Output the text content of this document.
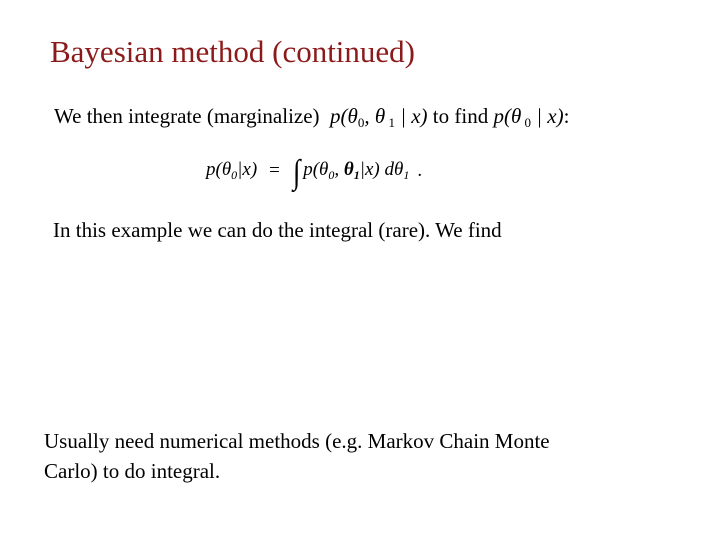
Bayesian method (continued)
We then integrate (marginalize)  $p(\theta_0$, θ $_1$ | x) to find p(θ $_0$ | x):
$p(\theta_0|x)$ = ∫ $p(\theta_0$, $\theta_1|x$) $d\theta_1$ .
In this example we can do the integral (rare). We find
Usually need numerical methods (e.g. Markov Chain Monte
Carlo) to do integral.
